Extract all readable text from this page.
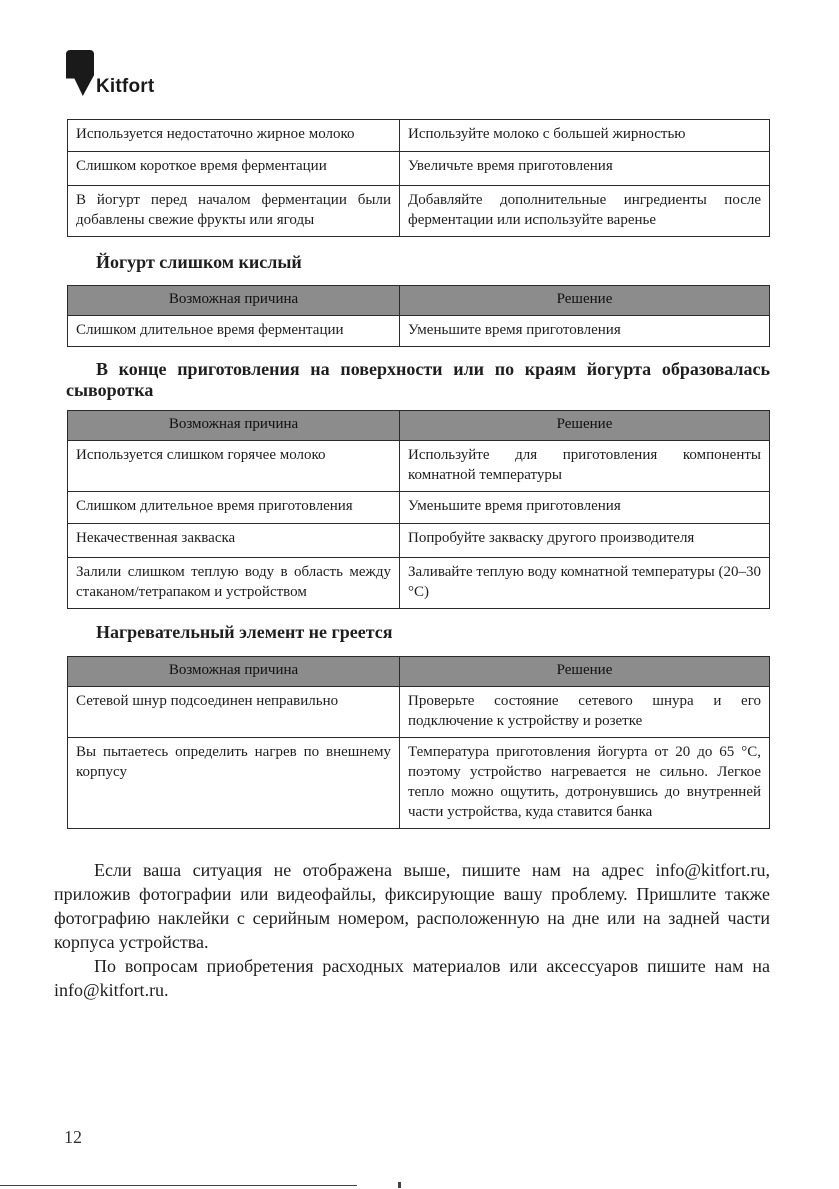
Kitfort
Используется недостаточно жирное молоко	Используйте молоко с большей жирностью
Слишком короткое время ферментации	Увеличьте время приготовления
В йогурт перед началом ферментации были добавлены свежие фрукты или ягоды	Добавляйте дополнительные ингредиенты после ферментации или используйте варенье
Йогурт слишком кислый
Возможная причина	Решение
Слишком длительное время ферментации	Уменьшите время приготовления
В конце приготовления на поверхности или по краям йогурта образовалась сыворотка
Возможная причина	Решение
Используется слишком горячее молоко	Используйте для приготовления компоненты комнатной температуры
Слишком длительное время приготовления	Уменьшите время приготовления
Некачественная закваска	Попробуйте закваску другого производителя
Залили слишком теплую воду в область между стаканом/тетрапаком и устройством	Заливайте теплую воду комнатной температуры (20–30 °C)
Нагревательный элемент не греется
Возможная причина	Решение
Сетевой шнур подсоединен неправильно	Проверьте состояние сетевого шнура и его подключение к устройству и розетке
Вы пытаетесь определить нагрев по внешнему корпусу	Температура приготовления йогурта от 20 до 65 °C, поэтому устройство нагревается не сильно. Легкое тепло можно ощутить, дотронувшись до внутренней части устройства, куда ставится банка

Если ваша ситуация не отображена выше, пишите нам на адрес info@kitfort.ru, приложив фотографии или видеофайлы, фиксирующие вашу проблему. Пришлите также фотографию наклейки с серийным номером, расположенную на дне или на задней части корпуса устройства.

По вопросам приобретения расходных материалов или аксессуаров пишите нам на info@kitfort.ru.

12
